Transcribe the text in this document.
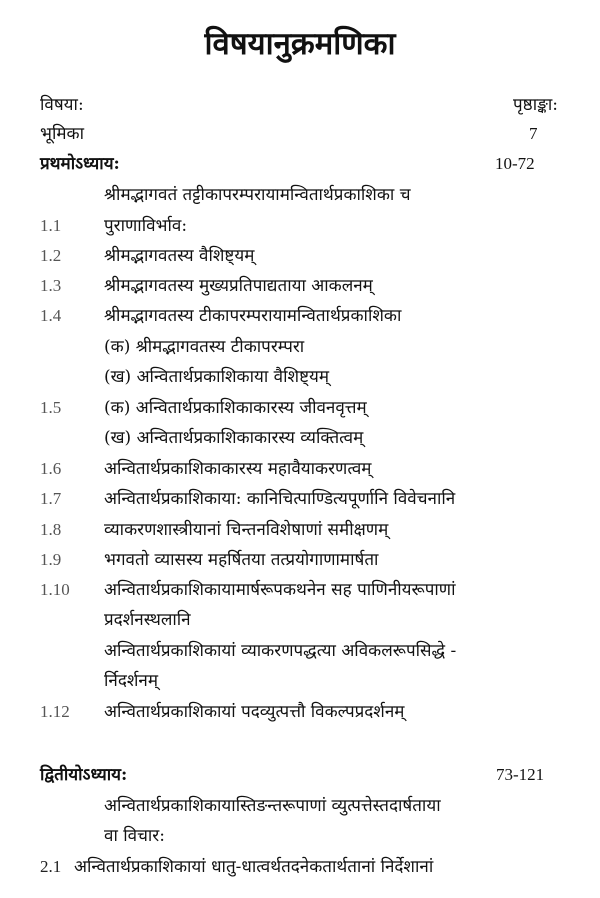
विषयानुक्रमणिका
विषया:	पृष्ठाङ्का:
भूमिका	7
प्रथमोऽध्याय:	10-72
श्रीमद्भागवतं तट्टीकापरम्परायामन्वितार्थप्रकाशिका च
1.1	पुराणाविर्भाव:
1.2	श्रीमद्भागवतस्य वैशिष्ट्यम्
1.3	श्रीमद्भागवतस्य मुख्यप्रतिपाद्यताया आकलनम्
1.4	श्रीमद्भागवतस्य टीकापरम्परायामन्वितार्थप्रकाशिका
(क) श्रीमद्भागवतस्य टीकापरम्परा
(ख) अन्वितार्थप्रकाशिकाया वैशिष्ट्यम्
1.5	(क) अन्वितार्थप्रकाशिकाकारस्य जीवनवृत्तम्
(ख) अन्वितार्थप्रकाशिकाकारस्य व्यक्तित्वम्
1.6	अन्वितार्थप्रकाशिकाकारस्य महावैयाकरणत्वम्
1.7	अन्वितार्थप्रकाशिकाया: कानिचित्पाण्डित्यपूर्णानि विवेचनानि
1.8	व्याकरणशास्त्रीयानां चिन्तनविशेषाणां समीक्षणम्
1.9	भगवतो व्यासस्य महर्षितया तत्प्रयोगाणामार्षता
1.10 अन्वितार्थप्रकाशिकायामार्षरूपकथनेन सह पाणिनीयरूपाणां
प्रदर्शनस्थलानि
अन्वितार्थप्रकाशिकायां व्याकरणपद्धत्या अविकलरूपसिद्धे -
र्निदर्शनम्
1.12 अन्वितार्थप्रकाशिकायां पदव्युत्पत्तौ विकल्पप्रदर्शनम्
द्वितीयोऽध्याय:	73-121
अन्वितार्थप्रकाशिकायास्तिङन्तरूपाणां व्युत्पत्तेस्तदार्षताया
वा विचार:
2.1 अन्वितार्थप्रकाशिकायां धातु-धात्वर्थतदनेकतार्थतानां निर्देशानां
